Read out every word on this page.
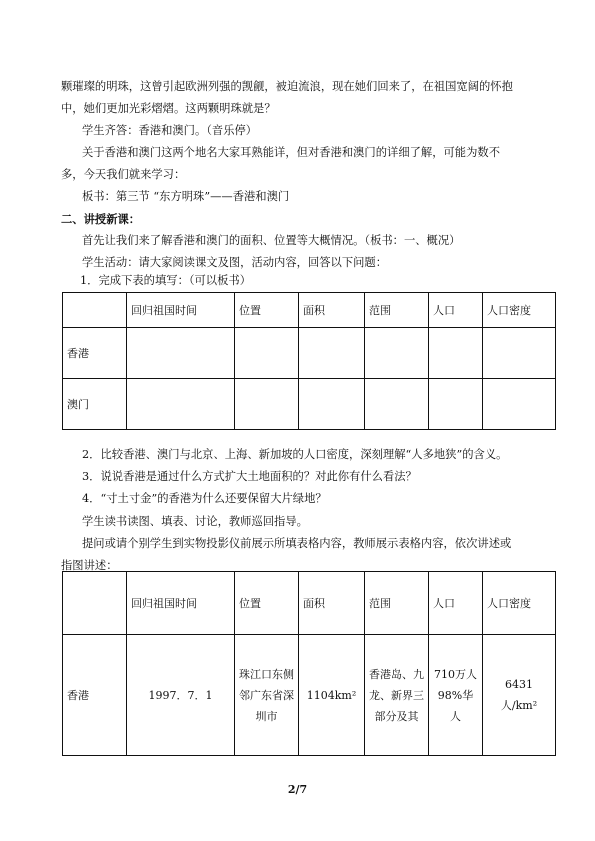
颗璀璨的明珠，这曾引起欧洲列强的觊觎，被迫流浪，现在她们回来了，在祖国宽阔的怀抱
中，她们更加光彩熠熠。这两颗明珠就是？
学生齐答：香港和澳门。（音乐停）
关于香港和澳门这两个地名大家耳熟能详，但对香港和澳门的详细了解，可能为数不
多，今天我们就来学习：
板书：第三节 “东方明珠”——香港和澳门
二、讲授新课：
首先让我们来了解香港和澳门的面积、位置等大概情况。（板书：一、概况）
学生活动：请大家阅读课文及图，活动内容，回答以下问题：
1．完成下表的填写：（可以板书）
	回归祖国时间	位置	面积	范围	人口	人口密度
香港						
澳门						
2．比较香港、澳门与北京、上海、新加坡的人口密度，深刻理解“人多地狭”的含义。
3．说说香港是通过什么方式扩大土地面积的？对此你有什么看法？
4．“寸土寸金”的香港为什么还要保留大片绿地？
学生读书读图、填表、讨论，教师巡回指导。
提问或请个别学生到实物投影仪前展示所填表格内容，教师展示表格内容，依次讲述或
指图讲述：
	回归祖国时间	位置	面积	范围	人口	人口密度
香港	1997．7．1	珠江口东侧邻广东省深圳市	1104km²	香港岛、九龙、新界三部分及其	710万人98%华人	6431人/km²
2/7
